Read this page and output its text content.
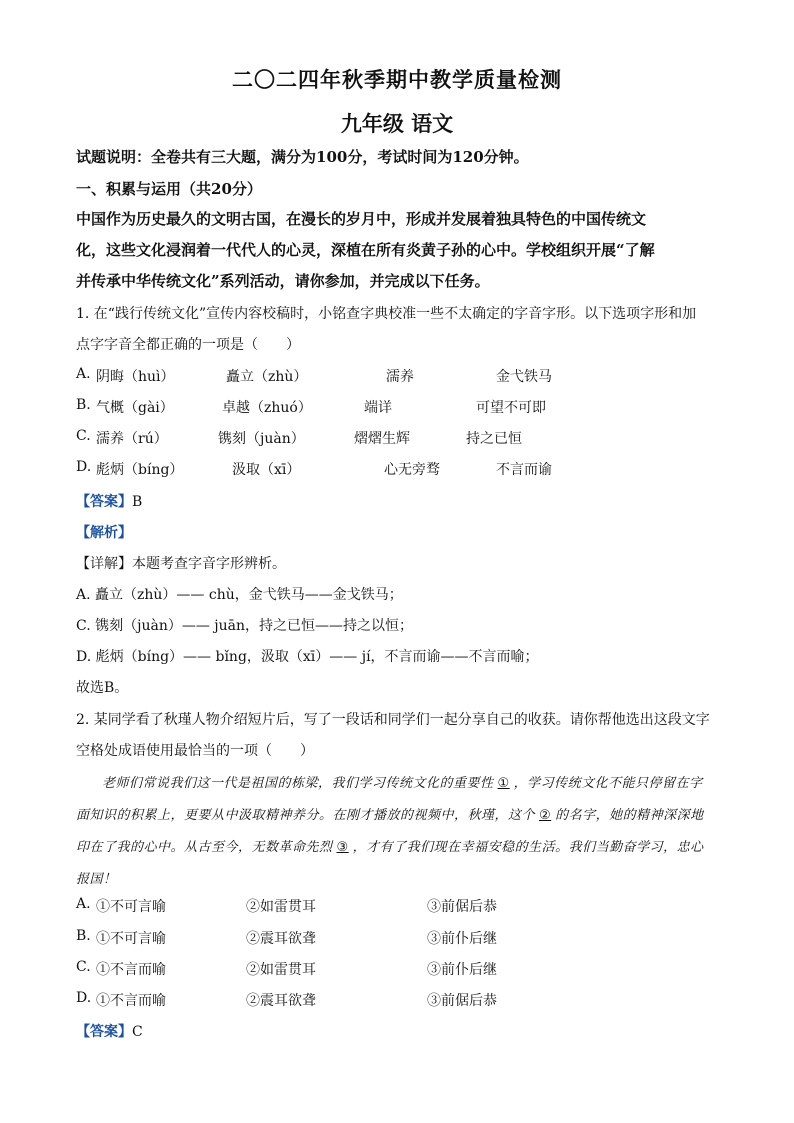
二〇二四年秋季期中教学质量检测
九年级 语文
试题说明：全卷共有三大题，满分为100分，考试时间为120分钟。
一、积累与运用（共20分）
中国作为历史最久的文明古国，在漫长的岁月中，形成并发展着独具特色的中国传统文
化，这些文化浸润着一代代人的心灵，深植在所有炎黄子孙的心中。学校组织开展“了解
并传承中华传统文化”系列活动，请你参加，并完成以下任务。
1. 在“践行传统文化”宣传内容校稿时，小铭查字典校准一些不太确定的字音字形。以下选项字形和加
点字字音全都正确的一项是（　　）
A. 阴晦（huì）	矗立（zhù）	濡养	金弋铁马
B. 气概（gài）	卓越（zhuó）	端详	可望不可即
C. 濡养（rú）	镌刻（juàn）	熠熠生辉	持之已恒
D. 彪炳（bíng）	汲取（xī）	心无旁骛	不言而谕
【答案】B
【解析】
【详解】本题考查字音字形辨析。
A. 矗立（zhù）—— chù，金弋铁马——金戈铁马；
C. 镌刻（juàn）—— juān，持之已恒——持之以恒；
D. 彪炳（bíng）—— bǐng，汲取（xī）—— jí，不言而谕——不言而喻；
故选B。
2. 某同学看了秋瑾人物介绍短片后，写了一段话和同学们一起分享自己的收获。请你帮他选出这段文字
空格处成语使用最恰当的一项（　　）
老师们常说我们这一代是祖国的栋梁，我们学习传统文化的重要性 ① ，学习传统文化不能只停留在字面知识的积累上，更要从中汲取精神养分。在刚才播放的视频中，秋瑾，这个 ② 的名字，她的精神深深地印在了我的心中。从古至今，无数革命先烈 ③ ，才有了我们现在幸福安稳的生活。我们当勤奋学习，忠心报国！
A. ①不可言喻	②如雷贯耳	③前倨后恭
B. ①不可言喻	②震耳欲聋	③前仆后继
C. ①不言而喻	②如雷贯耳	③前仆后继
D. ①不言而喻	②震耳欲聋	③前倨后恭
【答案】C
